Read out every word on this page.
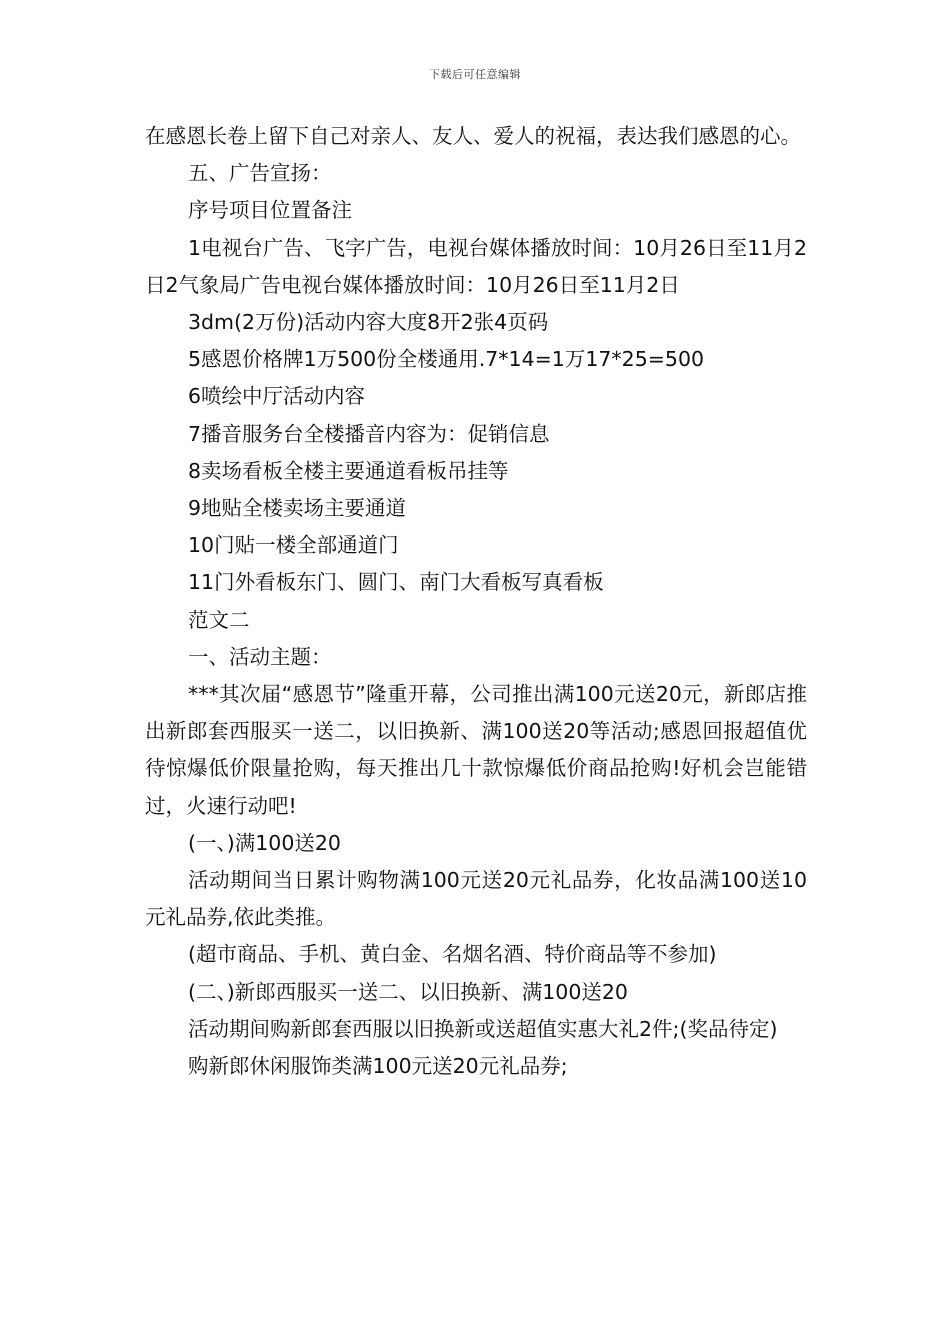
下载后可任意编辑

在感恩长卷上留下自己对亲人、友人、爱人的祝福，表达我们感恩的心。

五、广告宣扬：

序号项目位置备注

1电视台广告、飞字广告，电视台媒体播放时间：10月26日至11月2日2气象局广告电视台媒体播放时间：10月26日至11月2日

3dm(2万份)活动内容大度8开2张4页码

5感恩价格牌1万500份全楼通用.7*14=1万17*25=500

6喷绘中厅活动内容

7播音服务台全楼播音内容为：促销信息

8卖场看板全楼主要通道看板吊挂等

9地贴全楼卖场主要通道

10门贴一楼全部通道门

11门外看板东门、圆门、南门大看板写真看板

范文二

一、活动主题：

***其次届“感恩节”隆重开幕，公司推出满100元送20元，新郎店推出新郎套西服买一送二，以旧换新、满100送20等活动;感恩回报超值优待惊爆低价限量抢购，每天推出几十款惊爆低价商品抢购!好机会岂能错过，火速行动吧!

(一、)满100送20

活动期间当日累计购物满100元送20元礼品券，化妆品满100送10元礼品券,依此类推。

(超市商品、手机、黄白金、名烟名酒、特价商品等不参加)

(二、)新郎西服买一送二、以旧换新、满100送20

活动期间购新郎套西服以旧换新或送超值实惠大礼2件;(奖品待定)

购新郎休闲服饰类满100元送20元礼品券;
